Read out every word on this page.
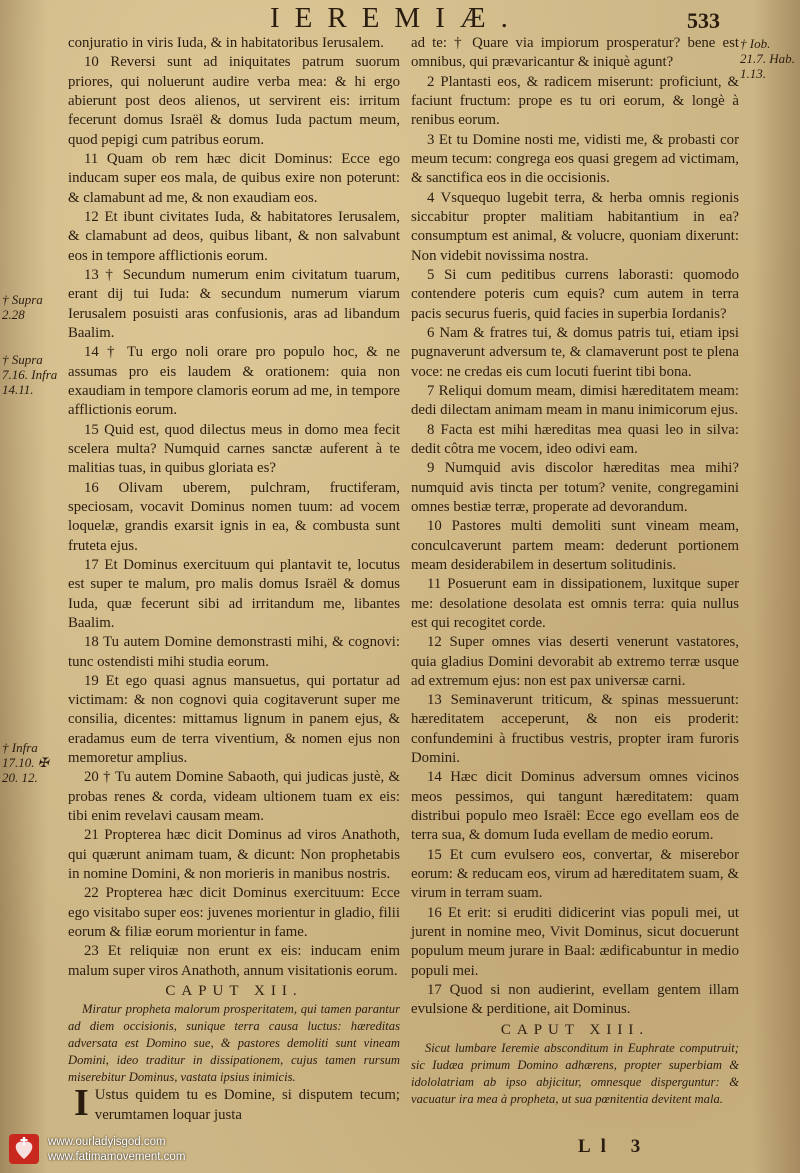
IEREMIÆ.	533
† Supra 2.28
† Supra 7.16. Infra 14.11.
† Infra 17.10. ✠ 20. 12.
† Iob. 21.7. Hab. 1.13.

conjuratio in viris Iuda, & in habitatoribus Ierusalem.

10 Reversi sunt ad iniquitates patrum suorum priores, qui noluerunt audire verba mea: & hi ergo abierunt post deos alienos, ut servirent eis: irritum fecerunt domus Israël & domus Iuda pactum meum, quod pepigi cum patribus eorum.

11 Quam ob rem hæc dicit Dominus: Ecce ego inducam super eos mala, de quibus exire non poterunt: & clamabunt ad me, & non exaudiam eos.

12 Et ibunt civitates Iuda, & habitatores Ierusalem, & clamabunt ad deos, quibus libant, & non salvabunt eos in tempore afflictionis eorum.

13 † Secundum numerum enim civitatum tuarum, erant dij tui Iuda: & secundum numerum viarum Ierusalem posuisti aras confusionis, aras ad libandum Baalim.

14 † Tu ergo noli orare pro populo hoc, & ne assumas pro eis laudem & orationem: quia non exaudiam in tempore clamoris eorum ad me, in tempore afflictionis eorum.

15 Quid est, quod dilectus meus in domo mea fecit scelera multa? Numquid carnes sanctæ auferent à te malitias tuas, in quibus gloriata es?

16 Olivam uberem, pulchram, fructiferam, speciosam, vocavit Dominus nomen tuum: ad vocem loquelæ, grandis exarsit ignis in ea, & combusta sunt fruteta ejus.

17 Et Dominus exercituum qui plantavit te, locutus est super te malum, pro malis domus Israël & domus Iuda, quæ fecerunt sibi ad irritandum me, libantes Baalim.

18 Tu autem Domine demonstrasti mihi, & cognovi: tunc ostendisti mihi studia eorum.

19 Et ego quasi agnus mansuetus, qui portatur ad victimam: & non cognovi quia cogitaverunt super me consilia, dicentes: mittamus lignum in panem ejus, & eradamus eum de terra viventium, & nomen ejus non memoretur amplius.

20 † Tu autem Domine Sabaoth, qui judicas justè, & probas renes & corda, videam ultionem tuam ex eis: tibi enim revelavi causam meam.

21 Propterea hæc dicit Dominus ad viros Anathoth, qui quærunt animam tuam, & dicunt: Non prophetabis in nomine Domini, & non morieris in manibus nostris.

22 Propterea hæc dicit Dominus exercituum: Ecce ego visitabo super eos: juvenes morientur in gladio, filii eorum & filiæ eorum morientur in fame.

23 Et reliquiæ non erunt ex eis: inducam enim malum super viros Anathoth, annum visitationis eorum.

CAPUT XII.

Miratur propheta malorum prosperitatem, qui tamen parantur ad diem occisionis, sunique terra causa luctus: hæreditas adversata est Domino sue, & pastores demoliti sunt vineam Domini, ideo traditur in dissipationem, cujus tamen rursum miserebitur Dominus, vastata ipsius inimicis.

I Ustus quidem tu es Domine, si disputem tecum; verumtamen loquar justa

ad te: † Quare via impiorum prosperatur? bene est omnibus, qui prævaricantur & iniquè agunt?

2 Plantasti eos, & radicem miserunt: proficiunt, & faciunt fructum: prope es tu ori eorum, & longè à renibus eorum.

3 Et tu Domine nosti me, vidisti me, & probasti cor meum tecum: congrega eos quasi gregem ad victimam, & sanctifica eos in die occisionis.

4 Vsquequo lugebit terra, & herba omnis regionis siccabitur propter malitiam habitantium in ea? consumptum est animal, & volucre, quoniam dixerunt: Non videbit novissima nostra.

5 Si cum peditibus currens laborasti: quomodo contendere poteris cum equis? cum autem in terra pacis securus fueris, quid facies in superbia Iordanis?

6 Nam & fratres tui, & domus patris tui, etiam ipsi pugnaverunt adversum te, & clamaverunt post te plena voce: ne credas eis cum locuti fuerint tibi bona.

7 Reliqui domum meam, dimisi hæreditatem meam: dedi dilectam animam meam in manu inimicorum ejus.

8 Facta est mihi hæreditas mea quasi leo in silva: dedit côtra me vocem, ideo odivi eam.

9 Numquid avis discolor hæreditas mea mihi? numquid avis tincta per totum? venite, congregamini omnes bestiæ terræ, properate ad devorandum.

10 Pastores multi demoliti sunt vineam meam, conculcaverunt partem meam: dederunt portionem meam desiderabilem in desertum solitudinis.

11 Posuerunt eam in dissipationem, luxitque super me: desolatione desolata est omnis terra: quia nullus est qui recogitet corde.

12 Super omnes vias deserti venerunt vastatores, quia gladius Domini devorabit ab extremo terræ usque ad extremum ejus: non est pax universæ carni.

13 Seminaverunt triticum, & spinas messuerunt: hæreditatem acceperunt, & non eis proderit: confundemini à fructibus vestris, propter iram furoris Domini.

14 Hæc dicit Dominus adversum omnes vicinos meos pessimos, qui tangunt hæreditatem: quam distribui populo meo Israël: Ecce ego evellam eos de terra sua, & domum Iuda evellam de medio eorum.

15 Et cum evulsero eos, convertar, & miserebor eorum: & reducam eos, virum ad hæreditatem suam, & virum in terram suam.

16 Et erit: si eruditi didicerint vias populi mei, ut jurent in nomine meo, Vivit Dominus, sicut docuerunt populum meum jurare in Baal: ædificabuntur in medio populi mei.

17 Quod si non audierint, evellam gentem illam evulsione & perditione, ait Dominus.

CAPUT XIII.

Sicut lumbare Ieremie absconditum in Euphrate computruit; sic Iudæa primum Domino adhærens, propter superbiam & idololatriam ab ipso abjicitur, omnesque disperguntur: & vacuatur ira mea à propheta, ut sua pœnitentia devitent mala.

Ll 3
www.ourladyisgod.com
www.fatimamovement.com
